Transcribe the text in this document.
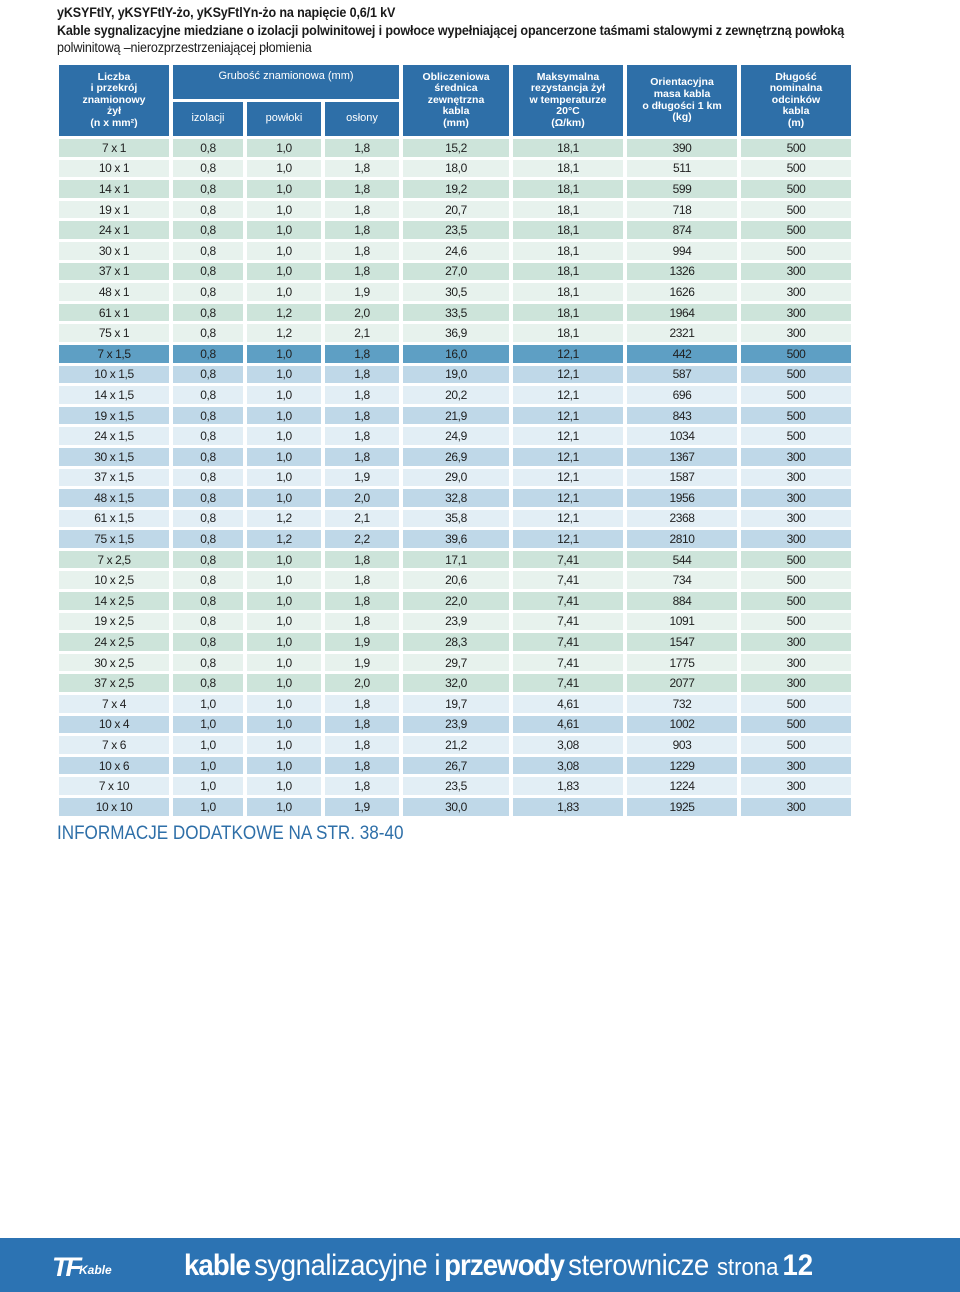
yKSYFtlY, yKSYFtlY-żo, yKSyFtlYn-żo na napięcie 0,6/1 kV
Kable sygnalizacyjne miedziane o izolacji polwinitowej i powłoce wypełniającej opancerzone taśmami stalowymi z zewnętrzną powłoką
polwinitową –nierozprzestrzeniającej płomienia
Liczba
i przekrój
znamionowy
żył
(n x mm²)	Grubość znamionowa (mm)			Obliczeniowa
średnica
zewnętrzna
kabla
(mm)	Maksymalna
rezystancja żył
w temperaturze
20°C
(Ω/km)	Orientacyjna
masa kabla
o długości 1 km
(kg)	Długość
nominalna
odcinków
kabla
(m)

	izolacji	powłoki	osłony				
7 x 1	0,8	1,0	1,8	15,2	18,1	390	500
10 x 1	0,8	1,0	1,8	18,0	18,1	511	500
14 x 1	0,8	1,0	1,8	19,2	18,1	599	500
19 x 1	0,8	1,0	1,8	20,7	18,1	718	500
24 x 1	0,8	1,0	1,8	23,5	18,1	874	500
30 x 1	0,8	1,0	1,8	24,6	18,1	994	500
37 x 1	0,8	1,0	1,8	27,0	18,1	1326	300
48 x 1	0,8	1,0	1,9	30,5	18,1	1626	300
61 x 1	0,8	1,2	2,0	33,5	18,1	1964	300
75 x 1	0,8	1,2	2,1	36,9	18,1	2321	300
7 x 1,5	0,8	1,0	1,8	16,0	12,1	442	500
10 x 1,5	0,8	1,0	1,8	19,0	12,1	587	500
14 x 1,5	0,8	1,0	1,8	20,2	12,1	696	500
19 x 1,5	0,8	1,0	1,8	21,9	12,1	843	500
24 x 1,5	0,8	1,0	1,8	24,9	12,1	1034	500
30 x 1,5	0,8	1,0	1,8	26,9	12,1	1367	300
37 x 1,5	0,8	1,0	1,9	29,0	12,1	1587	300
48 x 1,5	0,8	1,0	2,0	32,8	12,1	1956	300
61 x 1,5	0,8	1,2	2,1	35,8	12,1	2368	300
75 x 1,5	0,8	1,2	2,2	39,6	12,1	2810	300
7 x 2,5	0,8	1,0	1,8	17,1	7,41	544	500
10 x 2,5	0,8	1,0	1,8	20,6	7,41	734	500
14 x 2,5	0,8	1,0	1,8	22,0	7,41	884	500
19 x 2,5	0,8	1,0	1,8	23,9	7,41	1091	500
24 x 2,5	0,8	1,0	1,9	28,3	7,41	1547	300
30 x 2,5	0,8	1,0	1,9	29,7	7,41	1775	300
37 x 2,5	0,8	1,0	2,0	32,0	7,41	2077	300
7 x 4	1,0	1,0	1,8	19,7	4,61	732	500
10 x 4	1,0	1,0	1,8	23,9	4,61	1002	500
7 x 6	1,0	1,0	1,8	21,2	3,08	903	500
10 x 6	1,0	1,0	1,8	26,7	3,08	1229	300
7 x 10	1,0	1,0	1,8	23,5	1,83	1224	300
10 x 10	1,0	1,0	1,9	30,0	1,83	1925	300
INFORMACJE DODATKOWE NA STR. 38-40
TF Kable kable sygnalizacyjne i przewody sterownicze strona 12
